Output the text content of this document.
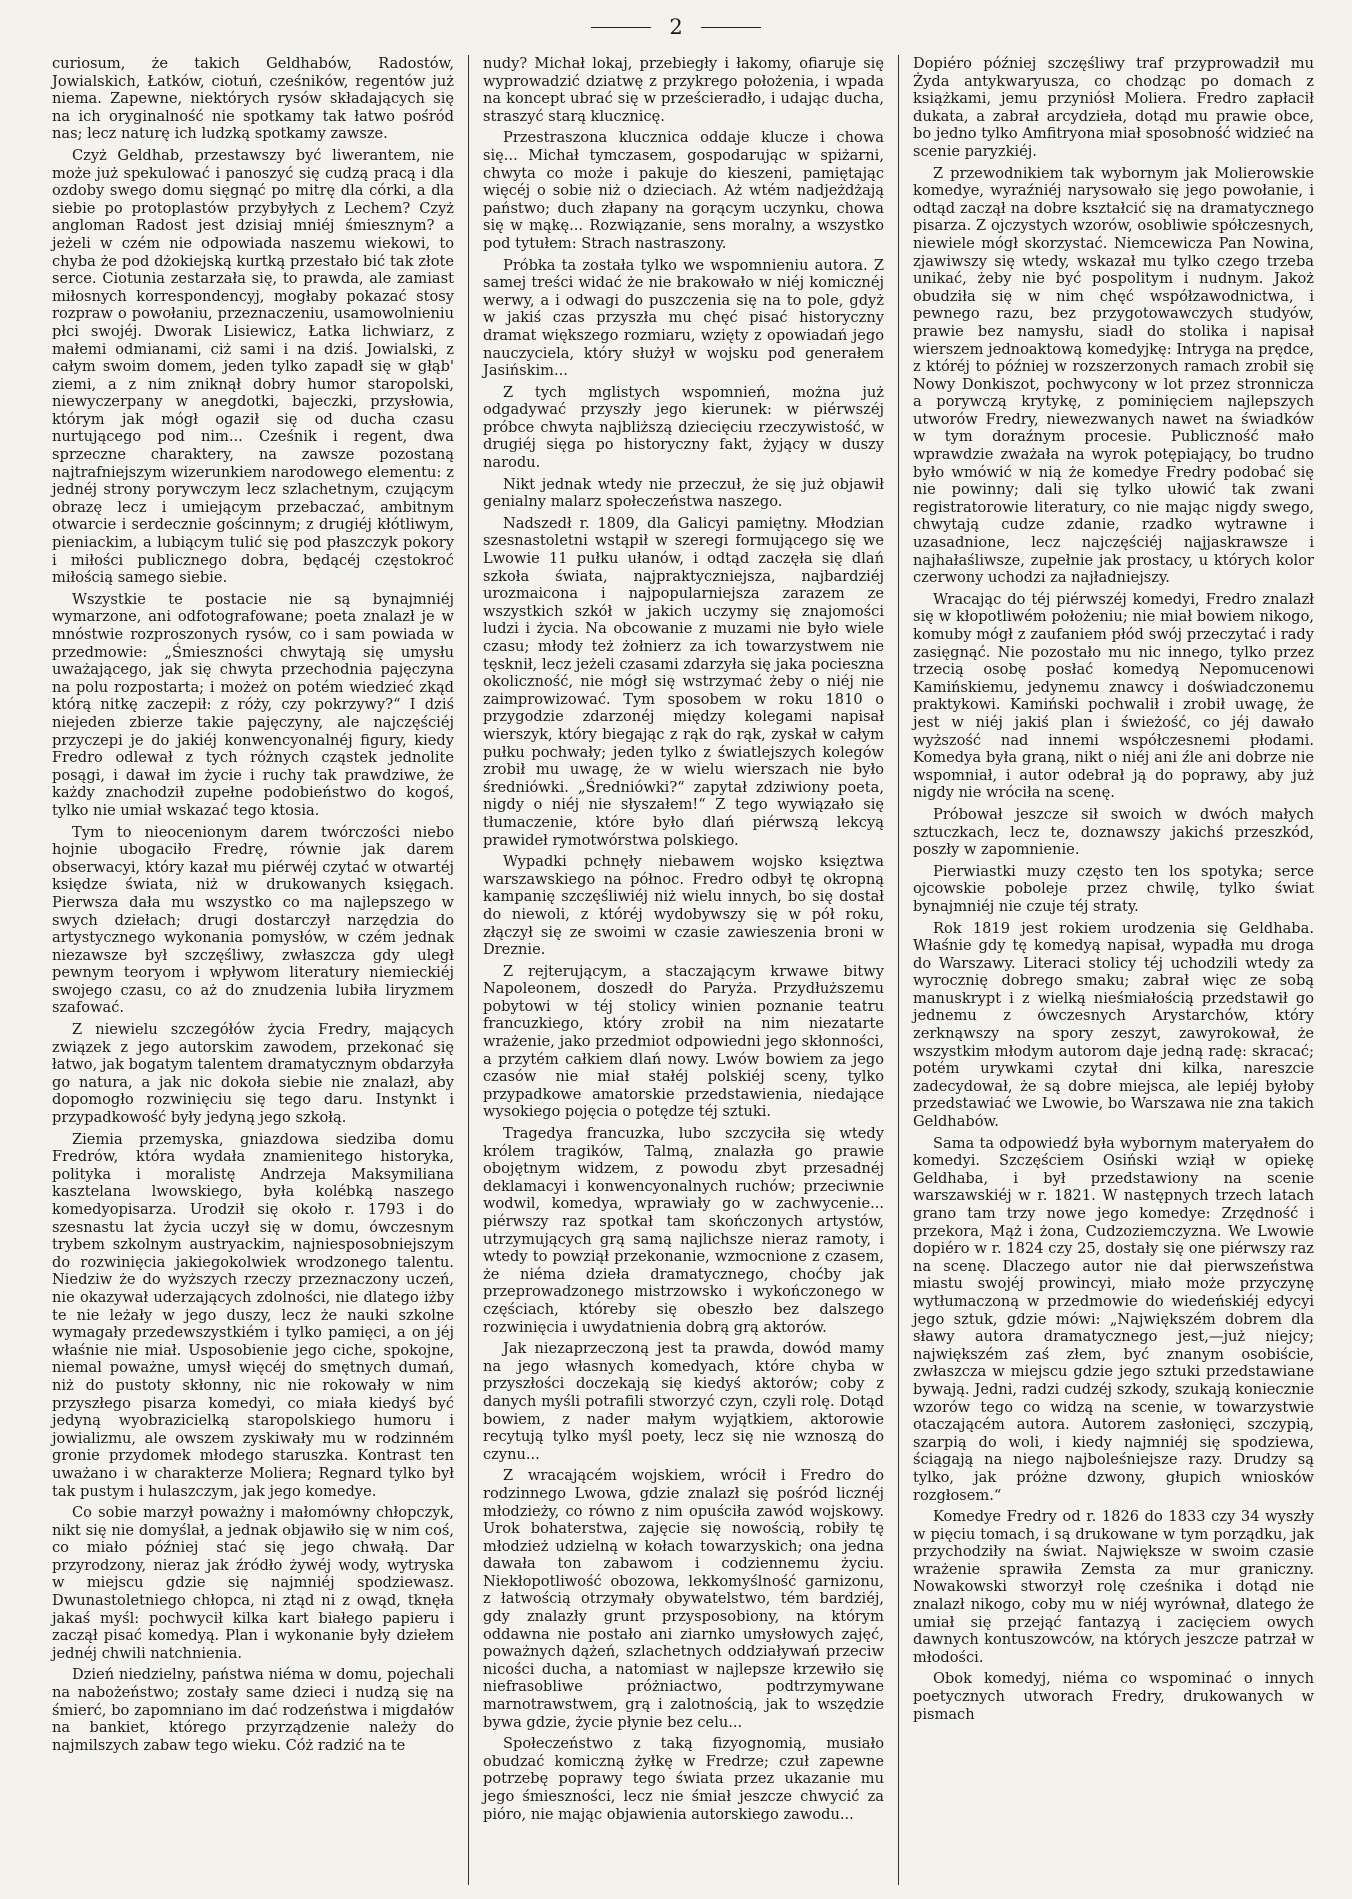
2

curiosum, że takich Geldhabów, Radostów, Jowialskich, Łatków, ciotuń, cześników, regentów już niema. Zapewne, niektórych rysów składających się na ich oryginalność nie spotkamy tak łatwo pośród nas; lecz naturę ich ludzką spotkamy zawsze.

Czyż Geldhab, przestawszy być liwerantem, nie może już spekulować i panoszyć się cudzą pracą i dla ozdoby swego domu sięgnąć po mitrę dla córki, a dla siebie po protoplastów przybyłych z Lechem? Czyż angloman Radost jest dzisiaj mniéj śmiesznym? a jeżeli w czém nie odpowiada naszemu wiekowi, to chyba że pod dżokiejską kurtką przestało bić tak złote serce. Ciotunia zestarzała się, to prawda, ale zamiast miłosnych korrespondencyj, mogłaby pokazać stosy rozpraw o powołaniu, przeznaczeniu, usamowolnieniu płci swojéj. Dworak Lisiewicz, Łatka lichwiarz, z małemi odmianami, ciż sami i na dziś. Jowialski, z całym swoim domem, jeden tylko zapadł się w głąb' ziemi, a z nim zniknął dobry humor staropolski, niewyczerpany w anegdotki, bajeczki, przysłowia, którym jak mógł ogaził się od ducha czasu nurtującego pod nim... Cześnik i regent, dwa sprzeczne charaktery, na zawsze pozostaną najtrafniejszym wizerunkiem narodowego elementu: z jednéj strony porywczym lecz szlachetnym, czującym obrazę lecz i umiejącym przebaczać, ambitnym otwarcie i serdecznie gościnnym; z drugiéj kłótliwym, pieniackim, a lubiącym tulić się pod płaszczyk pokory i miłości publicznego dobra, będącéj częstokroć miłością samego siebie.

Wszystkie te postacie nie są bynajmniéj wymarzone, ani odfotografowane; poeta znalazł je w mnóstwie rozproszonych rysów, co i sam powiada w przedmowie: „Śmieszności chwytają się umysłu uważającego, jak się chwyta przechodnia pajęczyna na polu rozpostarta; i możeż on potém wiedzieć zkąd którą nitkę zaczepił: z róży, czy pokrzywy?“ I dziś niejeden zbierze takie pajęczyny, ale najczęściéj przyczepi je do jakiéj konwencyonalnéj figury, kiedy Fredro odlewał z tych różnych cząstek jednolite posągi, i dawał im życie i ruchy tak prawdziwe, że każdy znachodził zupełne podobieństwo do kogoś, tylko nie umiał wskazać tego ktosia.

Tym to nieocenionym darem twórczości niebo hojnie ubogaciło Fredrę, równie jak darem obserwacyi, który kazał mu piérwéj czytać w otwartéj księdze świata, niż w drukowanych księgach. Pierwsza dała mu wszystko co ma najlepszego w swych dziełach; drugi dostarczył narzędzia do artystycznego wykonania pomysłów, w czém jednak niezawsze był szczęśliwy, zwłaszcza gdy uległ pewnym teoryom i wpływom literatury niemieckiéj swojego czasu, co aż do znudzenia lubiła liryzmem szafować.

Z niewielu szczegółów życia Fredry, mających związek z jego autorskim zawodem, przekonać się łatwo, jak bogatym talentem dramatycznym obdarzyła go natura, a jak nic dokoła siebie nie znalazł, aby dopomogło rozwinięciu się tego daru. Instynkt i przypadkowość były jedyną jego szkołą.

Ziemia przemyska, gniazdowa siedziba domu Fredrów, która wydała znamienitego historyka, polityka i moralistę Andrzeja Maksymiliana kasztelana lwowskiego, była kolébką naszego komedyopisarza. Urodził się około r. 1793 i do szesnastu lat życia uczył się w domu, ówczesnym trybem szkolnym austryackim, najniesposobniejszym do rozwinięcia jakiegokolwiek wrodzonego talentu. Niedziw że do wyższych rzeczy przeznaczony uczeń, nie okazywał uderzających zdolności, nie dlatego iżby te nie leżały w jego duszy, lecz że nauki szkolne wymagały przedewszystkiém i tylko pamięci, a on jéj właśnie nie miał. Usposobienie jego ciche, spokojne, niemal poważne, umysł więcéj do smętnych dumań, niż do pustoty skłonny, nic nie rokowały w nim przyszłego pisarza komedyi, co miała kiedyś być jedyną wyobrazicielką staropolskiego humoru i jowializmu, ale owszem zyskiwały mu w rodzinném gronie przydomek młodego staruszka. Kontrast ten uważano i w charakterze Moliera; Regnard tylko był tak pustym i hulaszczym, jak jego komedye.

Co sobie marzył poważny i małomówny chłopczyk, nikt się nie domyślał, a jednak objawiło się w nim coś, co miało później stać się jego chwałą. Dar przyrodzony, nieraz jak źródło żywéj wody, wytryska w miejscu gdzie się najmniéj spodziewasz. Dwunastoletniego chłopca, ni ztąd ni z owąd, tknęła jakaś myśl: pochwycił kilka kart białego papieru i zaczął pisać komedyą. Plan i wykonanie były dziełem jednéj chwili natchnienia.

Dzień niedzielny, państwa niéma w domu, pojechali na nabożeństwo; zostały same dzieci i nudzą się na śmierć, bo zapomniano im dać rodzeństwa i migdałów na bankiet, którego przyrządzenie należy do najmilszych zabaw tego wieku. Cóż radzić na te

nudy? Michał lokaj, przebiegły i łakomy, ofiaruje się wyprowadzić dziatwę z przykrego położenia, i wpada na koncept ubrać się w prześcieradło, i udając ducha, straszyć starą klucznicę.

Przestraszona klucznica oddaje klucze i chowa się... Michał tymczasem, gospodarując w spiżarni, chwyta co może i pakuje do kieszeni, pamiętając więcéj o sobie niż o dzieciach. Aż wtém nadjeżdżają państwo; duch złapany na gorącym uczynku, chowa się w mąkę... Rozwiązanie, sens moralny, a wszystko pod tytułem: Strach nastraszony.

Próbka ta została tylko we wspomnieniu autora. Z samej treści widać że nie brakowało w niéj komicznéj werwy, a i odwagi do puszczenia się na to pole, gdyż w jakiś czas przyszła mu chęć pisać historyczny dramat większego rozmiaru, wzięty z opowiadań jego nauczyciela, który służył w wojsku pod generałem Jasińskim...

Z tych mglistych wspomnień, można już odgadywać przyszły jego kierunek: w piérwszéj próbce chwyta najbliższą dziecięciu rzeczywistość, w drugiéj sięga po historyczny fakt, żyjący w duszy narodu.

Nikt jednak wtedy nie przeczuł, że się już objawił genialny malarz społeczeństwa naszego.

Nadszedł r. 1809, dla Galicyi pamiętny. Młodzian szesnastoletni wstąpił w szeregi formującego się we Lwowie 11 pułku ułanów, i odtąd zaczęła się dlań szkoła świata, najpraktyczniejsza, najbardziéj urozmaicona i najpopularniejsza zarazem ze wszystkich szkół w jakich uczymy się znajomości ludzi i życia. Na obcowanie z muzami nie było wiele czasu; młody też żołnierz za ich towarzystwem nie tęsknił, lecz jeżeli czasami zdarzyła się jaka pocieszna okoliczność, nie mógł się wstrzymać żeby o niéj nie zaimprowizować. Tym sposobem w roku 1810 o przygodzie zdarzonéj między kolegami napisał wierszyk, który biegając z rąk do rąk, zyskał w całym pułku pochwały; jeden tylko z światlejszych kolegów zrobił mu uwagę, że w wielu wierszach nie było średniówki. „Średniówki?“ zapytał zdziwiony poeta, nigdy o niéj nie słyszałem!“ Z tego wywiązało się tłumaczenie, które było dlań piérwszą lekcyą prawideł rymotwórstwa polskiego.

Wypadki pchnęły niebawem wojsko księztwa warszawskiego na północ. Fredro odbył tę okropną kampanię szczęśliwiéj niż wielu innych, bo się dostał do niewoli, z któréj wydobywszy się w pół roku, złączył się ze swoimi w czasie zawieszenia broni w Dreznie.

Z rejterującym, a staczającym krwawe bitwy Napoleonem, doszedł do Paryża. Przydłuższemu pobytowi w téj stolicy winien poznanie teatru francuzkiego, który zrobił na nim niezatarte wrażenie, jako przedmiot odpowiedni jego skłonności, a przytém całkiem dlań nowy. Lwów bowiem za jego czasów nie miał stałéj polskiéj sceny, tylko przypadkowe amatorskie przedstawienia, niedające wysokiego pojęcia o potędze téj sztuki.

Tragedya francuzka, lubo szczyciła się wtedy królem tragików, Talmą, znalazła go prawie obojętnym widzem, z powodu zbyt przesadnéj deklamacyi i konwencyonalnych ruchów; przeciwnie wodwil, komedya, wprawiały go w zachwycenie... piérwszy raz spotkał tam skończonych artystów, utrzymujących grą samą najlichsze nieraz ramoty, i wtedy to powziął przekonanie, wzmocnione z czasem, że niéma dzieła dramatycznego, choćby jak przeprowadzonego mistrzowsko i wykończonego w częściach, któreby się obeszło bez dalszego rozwinięcia i uwydatnienia dobrą grą aktorów.

Jak niezaprzeczoną jest ta prawda, dowód mamy na jego własnych komedyach, które chyba w przyszłości doczekają się kiedyś aktorów; coby z danych myśli potrafili stworzyć czyn, czyli rolę. Dotąd bowiem, z nader małym wyjątkiem, aktorowie recytują tylko myśl poety, lecz się nie wznoszą do czynu...

Z wracającém wojskiem, wrócił i Fredro do rodzinnego Lwowa, gdzie znalazł się pośród licznéj młodzieży, co równo z nim opuściła zawód wojskowy. Urok bohaterstwa, zajęcie się nowością, robiły tę młodzież udzielną w kołach towarzyskich; ona jedna dawała ton zabawom i codziennemu życiu. Niekłopotliwość obozowa, lekkomyślność garnizonu, z łatwością otrzymały obywatelstwo, tém bardziéj, gdy znalazły grunt przysposobiony, na którym oddawna nie postało ani ziarnko umysłowych zajęć, poważnych dążeń, szlachetnych oddziaływań przeciw nicości ducha, a natomiast w najlepsze krzewiło się niefrasobliwe próżniactwo, podtrzymywane marnotrawstwem, grą i zalotnością, jak to wszędzie bywa gdzie, życie płynie bez celu...

Społeczeństwo z taką fizyognomią, musiało obudzać komiczną żyłkę w Fredrze; czuł zapewne potrzebę poprawy tego świata przez ukazanie mu jego śmieszności, lecz nie śmiał jeszcze chwycić za pióro, nie mając objawienia autorskiego zawodu...

Dopiéro później szczęśliwy traf przyprowadził mu Żyda antykwaryusza, co chodząc po domach z książkami, jemu przyniósł Moliera. Fredro zapłacił dukata, a zabrał arcydzieła, dotąd mu prawie obce, bo jedno tylko Amfitryona miał sposobność widzieć na scenie paryzkiéj.

Z przewodnikiem tak wybornym jak Molierowskie komedye, wyraźniéj narysowało się jego powołanie, i odtąd zaczął na dobre kształcić się na dramatycznego pisarza. Z ojczystych wzorów, osobliwie spółczesnych, niewiele mógł skorzystać. Niemcewicza Pan Nowina, zjawiwszy się wtedy, wskazał mu tylko czego trzeba unikać, żeby nie być pospolitym i nudnym. Jakoż obudziła się w nim chęć współzawodnictwa, i pewnego razu, bez przygotowawczych studyów, prawie bez namysłu, siadł do stolika i napisał wierszem jednoaktową komedyjkę: Intryga na prędce, z któréj to później w rozszerzonych ramach zrobił się Nowy Donkiszot, pochwycony w lot przez stronnicza a porywczą krytykę, z pominięciem najlepszych utworów Fredry, niewezwanych nawet na świadków w tym doraźnym procesie. Publiczność mało wprawdzie zważała na wyrok potępiający, bo trudno było wmówić w nią że komedye Fredry podobać się nie powinny; dali się tylko ułowić tak zwani registratorowie literatury, co nie mając nigdy swego, chwytają cudze zdanie, rzadko wytrawne i uzasadnione, lecz najczęściéj najjaskrawsze i najhałaśliwsze, zupełnie jak prostacy, u których kolor czerwony uchodzi za najładniejszy.

Wracając do téj piérwszéj komedyi, Fredro znalazł się w kłopotliwém położeniu; nie miał bowiem nikogo, komuby mógł z zaufaniem płód swój przeczytać i rady zasięgnąć. Nie pozostało mu nic innego, tylko przez trzecią osobę posłać komedyą Nepomucenowi Kamińskiemu, jedynemu znawcy i doświadczonemu praktykowi. Kamiński pochwalił i zrobił uwagę, że jest w niéj jakiś plan i świeżość, co jéj dawało wyższość nad innemi współczesnemi płodami. Komedya była graną, nikt o niéj ani źle ani dobrze nie wspomniał, i autor odebrał ją do poprawy, aby już nigdy nie wróciła na scenę.

Próbował jeszcze sił swoich w dwóch małych sztuczkach, lecz te, doznawszy jakichś przeszkód, poszły w zapomnienie.

Pierwiastki muzy często ten los spotyka; serce ojcowskie poboleje przez chwilę, tylko świat bynajmniéj nie czuje téj straty.

Rok 1819 jest rokiem urodzenia się Geldhaba. Właśnie gdy tę komedyą napisał, wypadła mu droga do Warszawy. Literaci stolicy téj uchodzili wtedy za wyrocznię dobrego smaku; zabrał więc ze sobą manuskrypt i z wielką nieśmiałością przedstawił go jednemu z ówczesnych Arystarchów, który zerknąwszy na spory zeszyt, zawyrokował, że wszystkim młodym autorom daje jedną radę: skracać; potém urywkami czytał dni kilka, nareszcie zadecydował, że są dobre miejsca, ale lepiéj byłoby przedstawiać we Lwowie, bo Warszawa nie zna takich Geldhabów.

Sama ta odpowiedź była wybornym materyałem do komedyi. Szczęściem Osiński wziął w opiekę Geldhaba, i był przedstawiony na scenie warszawskiéj w r. 1821. W następnych trzech latach grano tam trzy nowe jego komedye: Zrzędność i przekora, Mąż i żona, Cudzoziemczyzna. We Lwowie dopiéro w r. 1824 czy 25, dostały się one piérwszy raz na scenę. Dlaczego autor nie dał pierwszeństwa miastu swojéj prowincyi, miało może przyczynę wytłumaczoną w przedmowie do wiedeńskiéj edycyi jego sztuk, gdzie mówi: „Największém dobrem dla sławy autora dramatycznego jest,—już niejcy; największém zaś złem, być znanym osobiście, zwłaszcza w miejscu gdzie jego sztuki przedstawiane bywają. Jedni, radzi cudzéj szkody, szukają koniecznie wzorów tego co widzą na scenie, w towarzystwie otaczającém autora. Autorem zasłonięci, szczypią, szarpią do woli, i kiedy najmniéj się spodziewa, ściągają na niego najboleśniejsze razy. Drudzy są tylko, jak próżne dzwony, głupich wniosków rozgłosem.“

Komedye Fredry od r. 1826 do 1833 czy 34 wyszły w pięciu tomach, i są drukowane w tym porządku, jak przychodziły na świat. Największe w swoim czasie wrażenie sprawiła Zemsta za mur graniczny. Nowakowski stworzył rolę cześnika i dotąd nie znalazł nikogo, coby mu w niéj wyrównał, dlatego że umiał się przejąć fantazyą i zacięciem owych dawnych kontuszowców, na których jeszcze patrzał w młodości.

Obok komedyj, niéma co wspominać o innych poetycznych utworach Fredry, drukowanych w pismach
